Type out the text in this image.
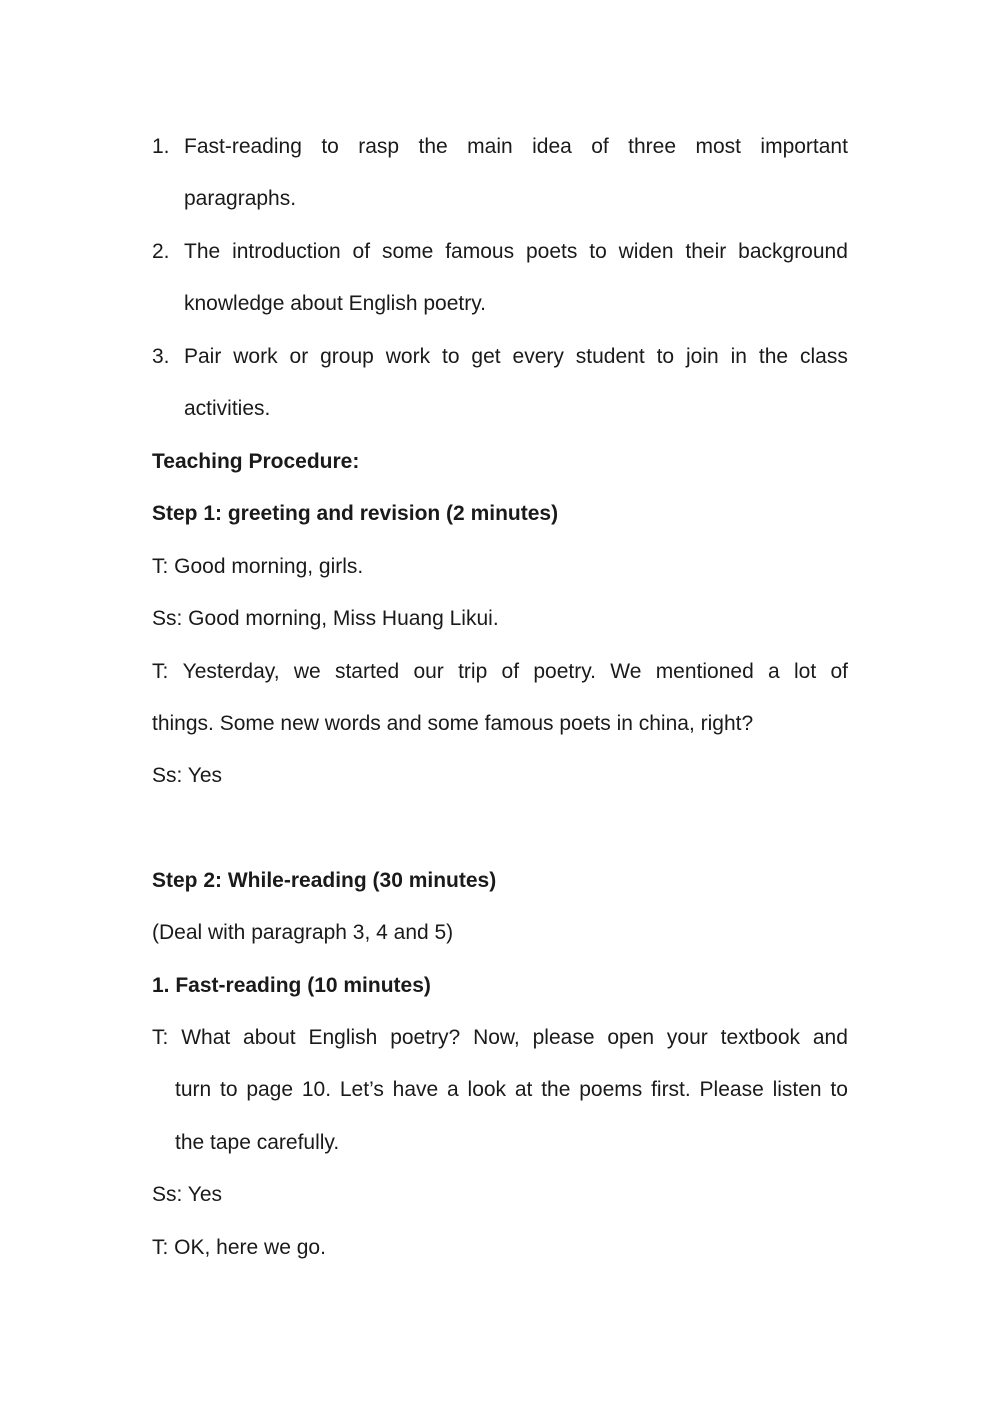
1. Fast-reading to rasp the main idea of three most important
paragraphs.
2. The introduction of some famous poets to widen their background
knowledge about English poetry.
3. Pair work or group work to get every student to join in the class
activities.
Teaching Procedure:
Step 1: greeting and revision (2 minutes)
T: Good morning, girls.
Ss: Good morning, Miss Huang Likui.
T: Yesterday, we started our trip of poetry. We mentioned a lot of
things. Some new words and some famous poets in china, right?
Ss: Yes
Step 2: While-reading (30 minutes)
(Deal with paragraph 3, 4 and 5)
1. Fast-reading (10 minutes)
T: What about English poetry? Now, please open your textbook and
turn to page 10. Let’s have a look at the poems first. Please listen to
the tape carefully.
Ss: Yes
T: OK, here we go.
